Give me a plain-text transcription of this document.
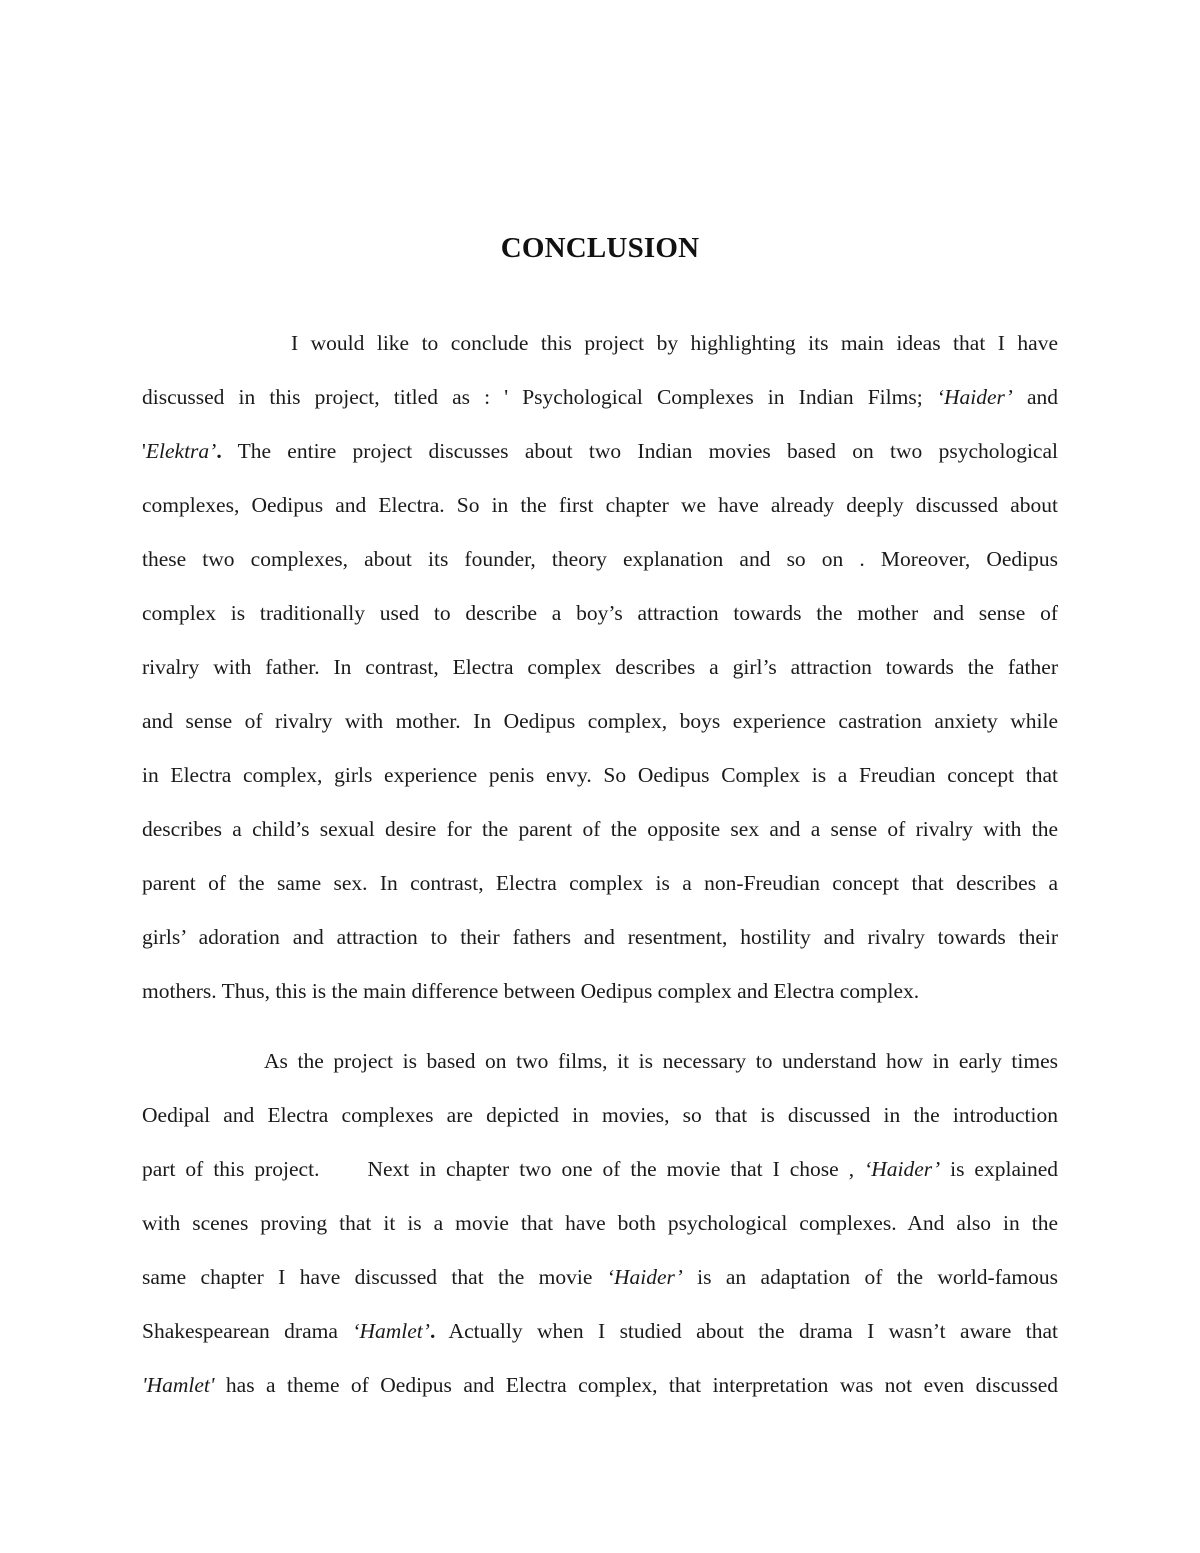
CONCLUSION
I would like to conclude this project by highlighting its main ideas that I have
discussed in this project, titled as : ' Psychological Complexes in Indian Films; ‘Haider’ and
'Elektra’. The entire project discusses about two Indian movies based on two psychological
complexes, Oedipus and Electra. So in the first chapter we have already deeply discussed about
these two complexes, about its founder, theory explanation and so on . Moreover, Oedipus
complex is traditionally used to describe a boy’s attraction towards the mother and sense of
rivalry with father. In contrast, Electra complex describes a girl’s attraction towards the father
and sense of rivalry with mother. In Oedipus complex, boys experience castration anxiety while
in Electra complex, girls experience penis envy. So Oedipus Complex is a Freudian concept that
describes a child’s sexual desire for the parent of the opposite sex and a sense of rivalry with the
parent of the same sex. In contrast, Electra complex is a non-Freudian concept that describes a
girls’ adoration and attraction to their fathers and resentment, hostility and rivalry towards their
mothers. Thus, this is the main difference between Oedipus complex and Electra complex.
As the project is based on two films, it is necessary to understand how in early times
Oedipal and Electra complexes are depicted in movies, so that is discussed in the introduction
part of this project. Next in chapter two one of the movie that I chose , ‘Haider’ is explained
with scenes proving that it is a movie that have both psychological complexes. And also in the
same chapter I have discussed that the movie ‘Haider’ is an adaptation of the world-famous
Shakespearean drama ‘Hamlet’. Actually when I studied about the drama I wasn’t aware that
'Hamlet' has a theme of Oedipus and Electra complex, that interpretation was not even discussed
